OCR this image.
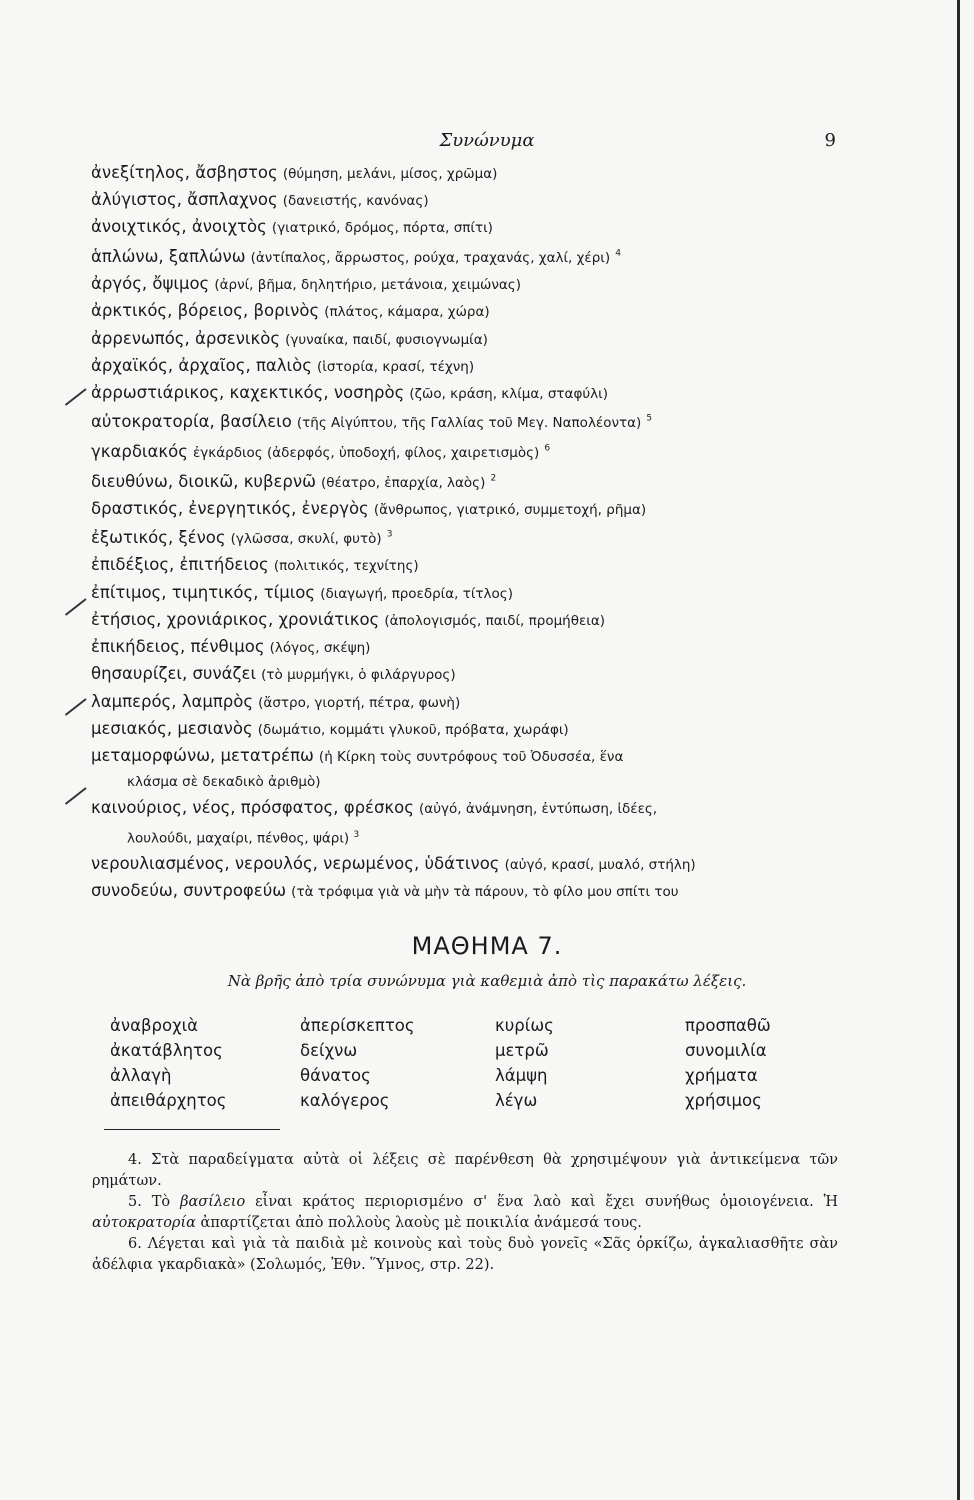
Συνώνυμα	9
ἀνεξίτηλος, ἄσβηστος (θύμηση, μελάνι, μίσος, χρῶμα)
ἀλύγιστος, ἄσπλαχνος (δανειστής, κανόνας)
ἀνοιχτικός, ἀνοιχτὸς (γιατρικό, δρόμος, πόρτα, σπίτι)
ἁπλώνω, ξαπλώνω (ἀντίπαλος, ἄρρωστος, ρούχα, τραχανάς, χαλί, χέρι) $^4$
ἀργός, ὄψιμος (ἀρνί, βῆμα, δηλητήριο, μετάνοια, χειμώνας)
ἀρκτικός, βόρειος, βορινὸς (πλάτος, κάμαρα, χώρα)
ἀρρενωπός, ἀρσενικὸς (γυναίκα, παιδί, φυσιογνωμία)
ἀρχαϊκός, ἀρχαῖος, παλιὸς (ἱστορία, κρασί, τέχνη)
ἀρρωστιάρικος, καχεκτικός, νοσηρὸς (ζῶο, κράση, κλίμα, σταφύλι)
αὐτοκρατορία, βασίλειο (τῆς Αἰγύπτου, τῆς Γαλλίας τοῦ Μεγ. Ναπολέοντα) $^5$
γκαρδιακός ἐγκάρδιος (ἀδερφός, ὑποδοχή, φίλος, χαιρετισμὸς) $^6$
διευθύνω, διοικῶ, κυβερνῶ (θέατρο, ἐπαρχία, λαὸς) $^2$
δραστικός, ἐνεργητικός, ἐνεργὸς (ἄνθρωπος, γιατρικό, συμμετοχή, ρῆμα)
ἐξωτικός, ξένος (γλῶσσα, σκυλί, φυτὸ) $^3$
ἐπιδέξιος, ἐπιτήδειος (πολιτικός, τεχνίτης)
ἐπίτιμος, τιμητικός, τίμιος (διαγωγή, προεδρία, τίτλος)
ἐτήσιος, χρονιάρικος, χρονιάτικος (ἀπολογισμός, παιδί, προμήθεια)
ἐπικήδειος, πένθιμος (λόγος, σκέψη)
θησαυρίζει, συνάζει (τὸ μυρμήγκι, ὁ φιλάργυρος)
λαμπερός, λαμπρὸς (ἄστρο, γιορτή, πέτρα, φωνὴ)
μεσιακός, μεσιανὸς (δωμάτιο, κομμάτι γλυκοῦ, πρόβατα, χωράφι)
μεταμορφώνω, μετατρέπω (ἡ Κίρκη τοὺς συντρόφους τοῦ Ὀδυσσέα, ἕνα
κλάσμα σὲ δεκαδικὸ ἀριθμὸ)
καινούριος, νέος, πρόσφατος, φρέσκος (αὐγό, ἀνάμνηση, ἐντύπωση, ἰδέες,
λουλούδι, μαχαίρι, πένθος, ψάρι) $^3$
νερουλιασμένος, νερουλός, νερωμένος, ὑδάτινος (αὐγό, κρασί, μυαλό, στήλη)
συνοδεύω, συντροφεύω (τὰ τρόφιμα γιὰ νὰ μὴν τὰ πάρουν, τὸ φίλο μου σπίτι του
ΜΑΘΗΜΑ 7.
Νὰ βρῆς ἀπὸ τρία συνώνυμα γιὰ καθεμιὰ ἀπὸ τὶς παρακάτω λέξεις.
ἀναβροχιὰ	ἀπερίσκεπτος	κυρίως	προσπαθῶ
ἀκατάβλητος	δείχνω	μετρῶ	συνομιλία
ἀλλαγὴ	θάνατος	λάμψη	χρήματα
ἀπειθάρχητος	καλόγερος	λέγω	χρήσιμος

4. Στὰ παραδείγματα αὐτὰ οἱ λέξεις σὲ παρένθεση θὰ χρησιμέψουν γιὰ ἀντικείμενα τῶν ρημάτων.

5. Τὸ βασίλειο εἶναι κράτος περιορισμένο σ' ἕνα λαὸ καὶ ἔχει συνήθως ὁμοιογένεια. Ἡ αὐτοκρατορία ἀπαρτίζεται ἀπὸ πολλοὺς λαοὺς μὲ ποικιλία ἀνάμεσά τους.

6. Λέγεται καὶ γιὰ τὰ παιδιὰ μὲ κοινοὺς καὶ τοὺς δυὸ γονεῖς «Σᾶς ὁρκίζω, ἀγκαλιασθῆτε σὰν ἀδέλφια γκαρδιακὰ» (Σολωμός, Ἐθν. Ὕμνος, στρ. 22).
